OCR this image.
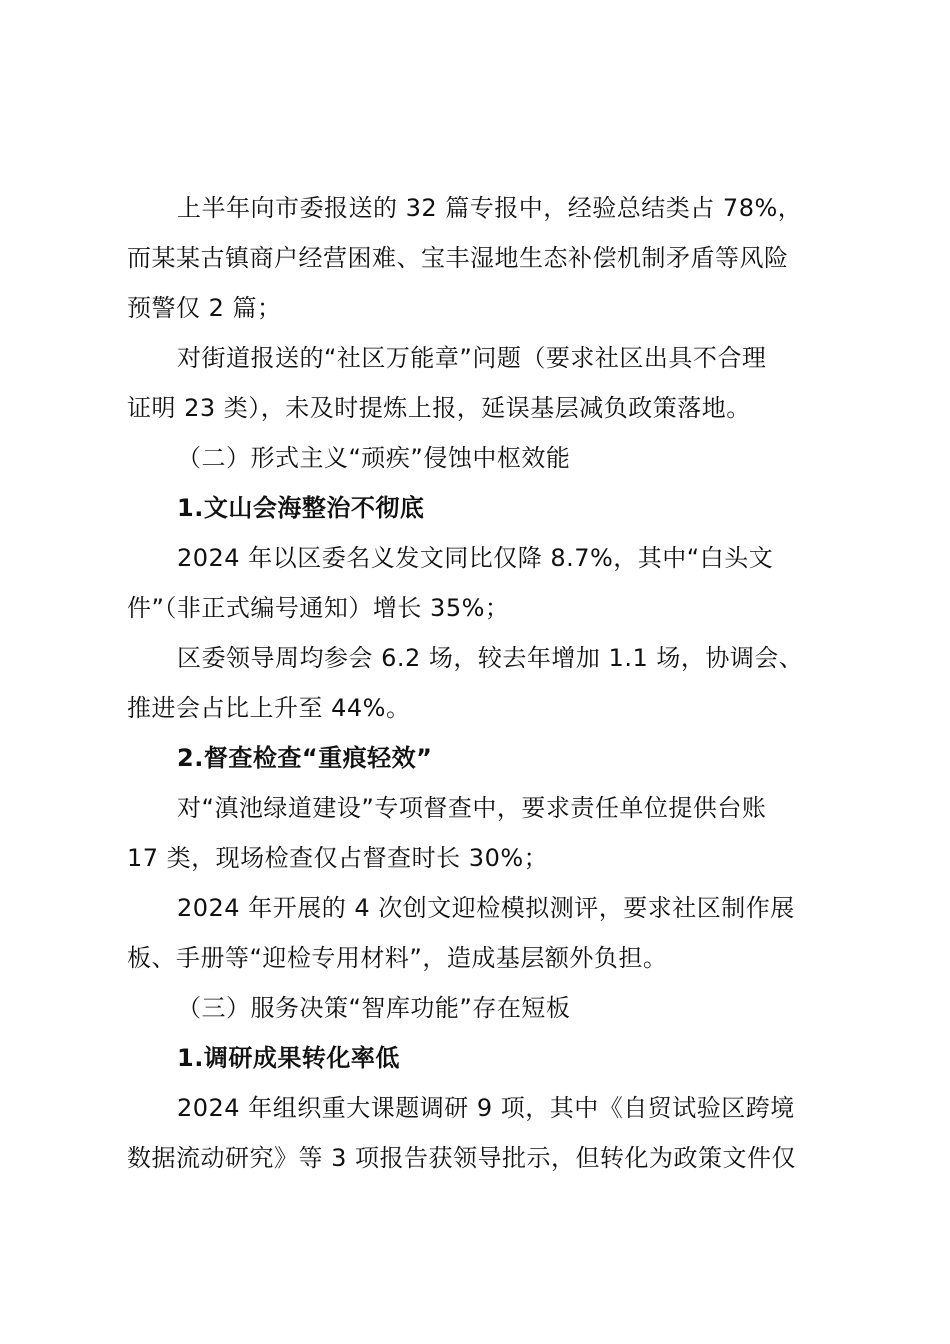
上半年向市委报送的 32 篇专报中，经验总结类占 78%，
而某某古镇商户经营困难、宝丰湿地生态补偿机制矛盾等风险
预警仅 2 篇；
对街道报送的“社区万能章”问题（要求社区出具不合理
证明 23 类），未及时提炼上报，延误基层减负政策落地。
（二）形式主义“顽疾”侵蚀中枢效能
1.文山会海整治不彻底
2024 年以区委名义发文同比仅降 8.7%，其中“白头文
件”（非正式编号通知）增长 35%；
区委领导周均参会 6.2 场，较去年增加 1.1 场，协调会、
推进会占比上升至 44%。
2.督查检查“重痕轻效”
对“滇池绿道建设”专项督查中，要求责任单位提供台账
17 类，现场检查仅占督查时长 30%；
2024 年开展的 4 次创文迎检模拟测评，要求社区制作展
板、手册等“迎检专用材料”，造成基层额外负担。
（三）服务决策“智库功能”存在短板
1.调研成果转化率低
2024 年组织重大课题调研 9 项，其中《自贸试验区跨境
数据流动研究》等 3 项报告获领导批示，但转化为政策文件仅
